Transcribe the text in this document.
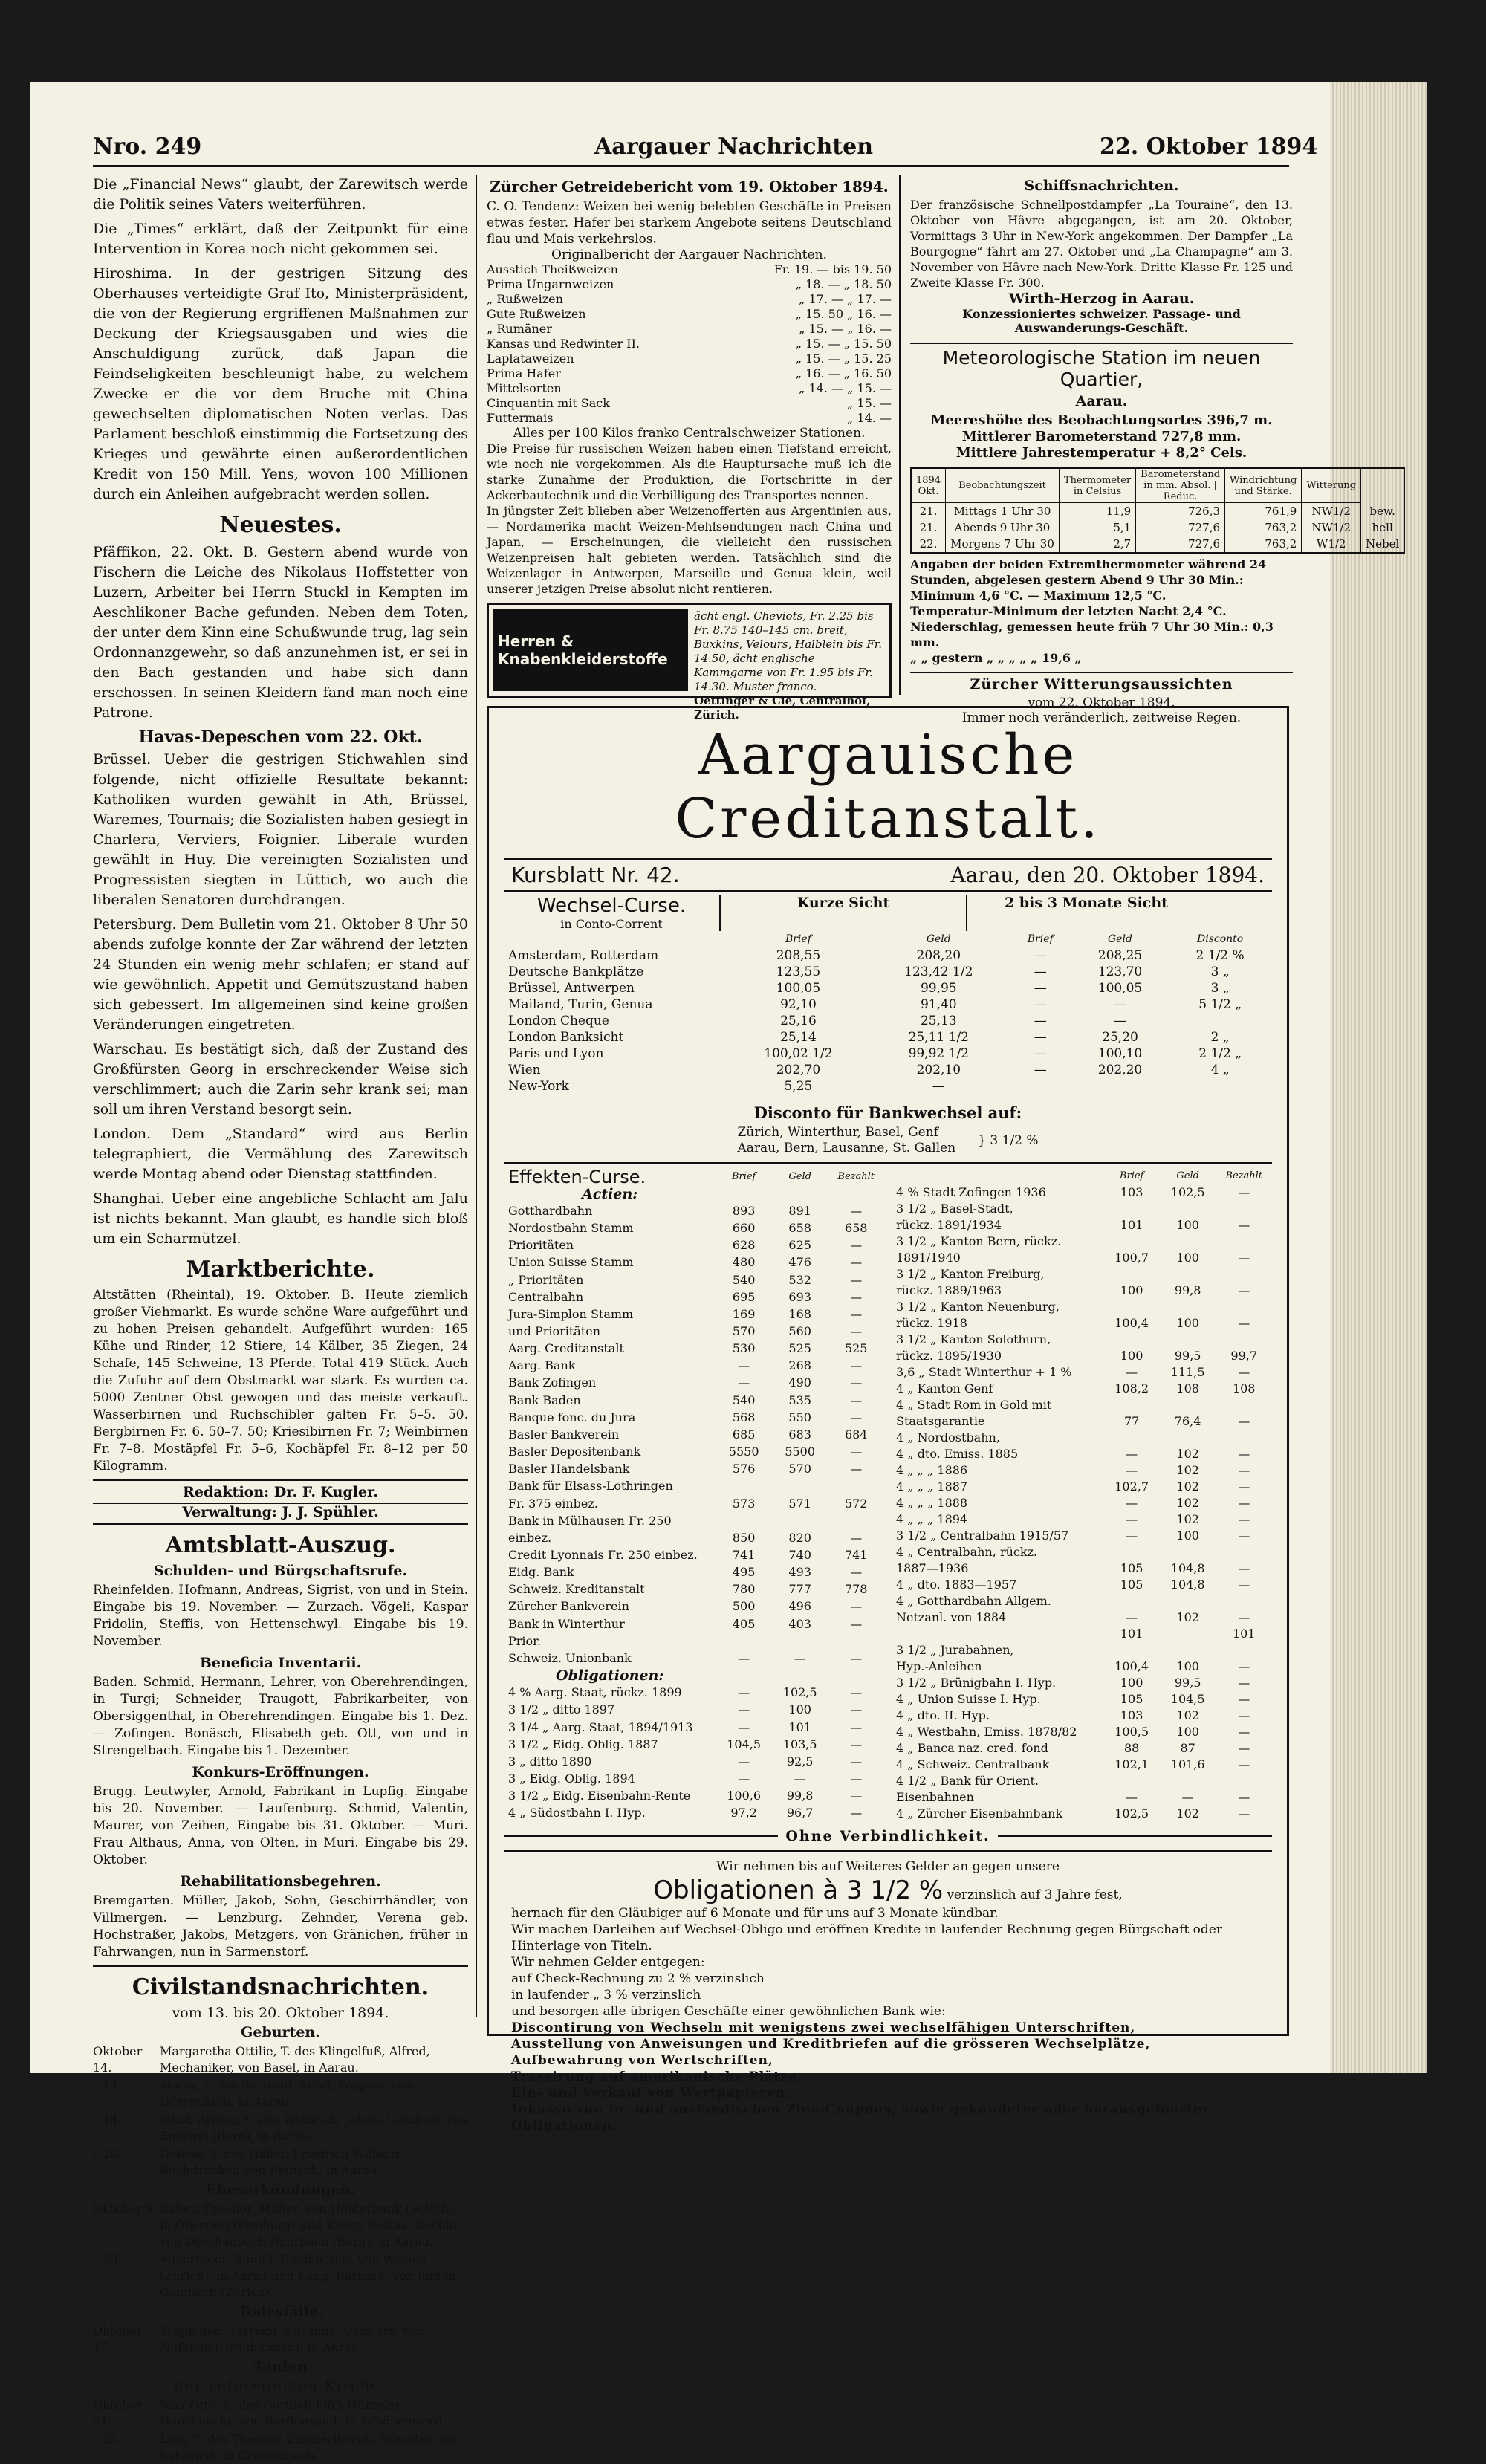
Nro. 249	Aargauer Nachrichten	22. Oktober 1894

Die „Financial News“ glaubt, der Zarewitsch werde die Politik seines Vaters weiterführen.

Die „Times“ erklärt, daß der Zeitpunkt für eine Intervention in Korea noch nicht gekommen sei.

Hiroshima. In der gestrigen Sitzung des Oberhauses verteidigte Graf Ito, Ministerpräsident, die von der Regierung ergriffenen Maßnahmen zur Deckung der Kriegsausgaben und wies die Anschuldigung zurück, daß Japan die Feindseligkeiten beschleunigt habe, zu welchem Zwecke er die vor dem Bruche mit China gewechselten diplomatischen Noten verlas. Das Parlament beschloß einstimmig die Fortsetzung des Krieges und gewährte einen außerordentlichen Kredit von 150 Mill. Yens, wovon 100 Millionen durch ein Anleihen aufgebracht werden sollen.

Neuestes.

Pfäffikon, 22. Okt. B. Gestern abend wurde von Fischern die Leiche des Nikolaus Hoffstetter von Luzern, Arbeiter bei Herrn Stuckl in Kempten im Aeschlikoner Bache gefunden. Neben dem Toten, der unter dem Kinn eine Schußwunde trug, lag sein Ordonnanzgewehr, so daß anzunehmen ist, er sei in den Bach gestanden und habe sich dann erschossen. In seinen Kleidern fand man noch eine Patrone.

Havas-Depeschen vom 22. Okt.

Brüssel. Ueber die gestrigen Stichwahlen sind folgende, nicht offizielle Resultate bekannt: Katholiken wurden gewählt in Ath, Brüssel, Waremes, Tournais; die Sozialisten haben gesiegt in Charlera, Verviers, Foignier. Liberale wurden gewählt in Huy. Die vereinigten Sozialisten und Progressisten siegten in Lüttich, wo auch die liberalen Senatoren durchdrangen.

Petersburg. Dem Bulletin vom 21. Oktober 8 Uhr 50 abends zufolge konnte der Zar während der letzten 24 Stunden ein wenig mehr schlafen; er stand auf wie gewöhnlich. Appetit und Gemütszustand haben sich gebessert. Im allgemeinen sind keine großen Veränderungen eingetreten.

Warschau. Es bestätigt sich, daß der Zustand des Großfürsten Georg in erschreckender Weise sich verschlimmert; auch die Zarin sehr krank sei; man soll um ihren Verstand besorgt sein.

London. Dem „Standard“ wird aus Berlin telegraphiert, die Vermählung des Zarewitsch werde Montag abend oder Dienstag stattfinden.

Shanghai. Ueber eine angebliche Schlacht am Jalu ist nichts bekannt. Man glaubt, es handle sich bloß um ein Scharmützel.

Marktberichte.

Altstätten (Rheintal), 19. Oktober. B. Heute ziemlich großer Viehmarkt. Es wurde schöne Ware aufgeführt und zu hohen Preisen gehandelt. Aufgeführt wurden: 165 Kühe und Rinder, 12 Stiere, 14 Kälber, 35 Ziegen, 24 Schafe, 145 Schweine, 13 Pferde. Total 419 Stück. Auch die Zufuhr auf dem Obstmarkt war stark. Es wurden ca. 5000 Zentner Obst gewogen und das meiste verkauft. Wasserbirnen und Ruchschibler galten Fr. 5–5. 50. Bergbirnen Fr. 6. 50–7. 50; Kriesibirnen Fr. 7; Weinbirnen Fr. 7–8. Mostäpfel Fr. 5–6, Kochäpfel Fr. 8–12 per 50 Kilogramm.

Redaktion: Dr. F. Kugler.
Verwaltung: J. J. Spühler.
Amtsblatt-Auszug.
Schulden- und Bürgschaftsrufe.

Rheinfelden. Hofmann, Andreas, Sigrist, von und in Stein. Eingabe bis 19. November. — Zurzach. Vögeli, Kaspar Fridolin, Steffis, von Hettenschwyl. Eingabe bis 19. November.

Beneficia Inventarii.

Baden. Schmid, Hermann, Lehrer, von Oberehrendingen, in Turgi; Schneider, Traugott, Fabrikarbeiter, von Obersiggenthal, in Oberehrendingen. Eingabe bis 1. Dez. — Zofingen. Bonäsch, Elisabeth geb. Ott, von und in Strengelbach. Eingabe bis 1. Dezember.

Konkurs-Eröffnungen.

Brugg. Leutwyler, Arnold, Fabrikant in Lupfig. Eingabe bis 20. November. — Laufenburg. Schmid, Valentin, Maurer, von Zeihen, Eingabe bis 31. Oktober. — Muri. Frau Althaus, Anna, von Olten, in Muri. Eingabe bis 29. Oktober.

Rehabilitationsbegehren.

Bremgarten. Müller, Jakob, Sohn, Geschirrhändler, von Villmergen. — Lenzburg. Zehnder, Verena geb. Hochstraßer, Jakobs, Metzgers, von Gränichen, früher in Fahrwangen, nun in Sarmenstorf.

Civilstandsnachrichten.
vom 13. bis 20. Oktober 1894.
Geburten.
Oktober 14.
Margaretha Ottilie, T. des Klingelfuß, Alfred, Mechaniker, von Basel, in Aarau.
„ 14.	Marie, T. des Bertschi, Adolf, Wagner, von Dürrenäsch, in Aarau.
„ 14.	Jakob Arthur, S. des Wäthrich, Jakob, Conditor, von Eggiwyl (Bern), in Aarau.
„ 20.	Helene, T. des Haller, Friedrich Wilhelm, Buchdrucker, von Reinach, in Aarau.
Eheverkündungen.
Oktober 9. Baber, Theodor, Müller, von Holderbank (Soloth.), in Oberried (Freiburg) und Käser, Rosina, Köchin, von Oeschenbach-Rohrbach (Bern), in Aarau.
„ 20.	Meierhofer, Rudolf, Conducteur, von Weiach (Zürich), in Aarau und Lang, Barbara, von und in Goldbach (Zürich).
Todesfälle.
Oktober 17.
Trepp geb. Torriani, Susanna, Cassiers, von Nufenen (Graubünden), in Aarau.
Taufen
der reformierten Kirche.
Oktober 21.
Max Otto, S. des Gottlieb Plüß-Hürzeler, Hausknecht, von Bordenwald, in Schönenwerd.
„ 21.	Lina, T. des Theodor Zimmerli-Wyß, Schuster, von Safenwyl, in Gretzenbach.
Zürcher Getreidebericht vom 19. Oktober 1894.

C. O. Tendenz: Weizen bei wenig belebten Geschäfte in Preisen etwas fester. Hafer bei starkem Angebote seitens Deutschland flau und Mais verkehrslos.

Originalbericht der Aargauer Nachrichten.
Ausstich Theißweizen	Fr. 19. — bis 19. 50
Prima Ungarnweizen	„ 18. — „ 18. 50
„ Rußweizen	„ 17. — „ 17. —
Gute Rußweizen	„ 15. 50 „ 16. —
„ Rumäner	„ 15. — „ 16. —
Kansas und Redwinter II.	„ 15. — „ 15. 50
Laplataweizen	„ 15. — „ 15. 25
Prima Hafer	„ 16. — „ 16. 50
Mittelsorten	„ 14. — „ 15. —
Cinquantin mit Sack	„ 15. —
Futtermais	„ 14. —
Alles per 100 Kilos franko Centralschweizer Stationen.

Die Preise für russischen Weizen haben einen Tiefstand erreicht, wie noch nie vorgekommen. Als die Hauptursache muß ich die starke Zunahme der Produktion, die Fortschritte in der Ackerbautechnik und die Verbilligung des Transportes nennen.

In jüngster Zeit blieben aber Weizenofferten aus Argentinien aus, — Nordamerika macht Weizen-Mehlsendungen nach China und Japan, — Erscheinungen, die vielleicht den russischen Weizenpreisen halt gebieten werden. Tatsächlich sind die Weizenlager in Antwerpen, Marseille und Genua klein, weil unserer jetzigen Preise absolut nicht rentieren.

Herren & Knabenkleiderstoffe
ächt engl. Cheviots, Fr. 2.25 bis Fr. 8.75 140–145 cm. breit, Buxkins, Velours, Halblein bis Fr. 14.50, ächt englische Kammgarne von Fr. 1.95 bis Fr. 14.30. Muster franco.
Oettinger & Cie, Centralhof, Zürich.
Schiffsnachrichten.

Der französische Schnellpostdampfer „La Touraine“, den 13. Oktober von Hâvre abgegangen, ist am 20. Oktober, Vormittags 3 Uhr in New-York angekommen. Der Dampfer „La Bourgogne“ fährt am 27. Oktober und „La Champagne“ am 3. November von Hâvre nach New-York. Dritte Klasse Fr. 125 und Zweite Klasse Fr. 300.

Wirth-Herzog in Aarau.
Konzessioniertes schweizer. Passage- und Auswanderungs-Geschäft.
Meteorologische Station im neuen Quartier,
Aarau.
Meereshöhe des Beobachtungsortes 396,7 m.
Mittlerer Barometerstand 727,8 mm.
Mittlere Jahrestemperatur + 8,2° Cels.
1894 Okt.	Beobachtungszeit	Thermometer in Celsius	Barometerstand in mm. Absol. | Reduc.	Windrichtung und Stärke.	Witterung	
21.	Mittags 1 Uhr 30	11,9	726,3	761,9	NW1/2	bew.
21.	Abends 9 Uhr 30	5,1	727,6	763,2	NW1/2	hell
22.	Morgens 7 Uhr 30	2,7	727,6	763,2	W1/2	Nebel
Angaben der beiden Extremthermometer während 24 Stunden, abgelesen gestern Abend 9 Uhr 30 Min.:
Minimum 4,6 °C. — Maximum 12,5 °C.
Temperatur-Minimum der letzten Nacht 2,4 °C.
Niederschlag, gemessen heute früh 7 Uhr 30 Min.: 0,3 mm.
„ „ gestern „ „ „ „ „ 19,6 „
Zürcher Witterungsaussichten
vom 22. Oktober 1894.
Immer noch veränderlich, zeitweise Regen.
Aargauische Creditanstalt.
Kursblatt Nr. 42.	Aarau, den 20. Oktober 1894.
Wechsel-Curse.
in Conto-Corrent
Kurze Sicht	2 bis 3 Monate Sicht
	Brief	Geld	Brief	Geld	Disconto
Amsterdam, Rotterdam	208,55	208,20	—	208,25	2 1/2 %
Deutsche Bankplätze	123,55	123,42 1/2	—	123,70	3 „
Brüssel, Antwerpen	100,05	99,95	—	100,05	3 „
Mailand, Turin, Genua	92,10	91,40	—	—	5 1/2 „
London Cheque	25,16	25,13	—	—	
London Banksicht	25,14	25,11 1/2	—	25,20	2 „
Paris und Lyon	100,02 1/2	99,92 1/2	—	100,10	2 1/2 „
Wien	202,70	202,10	—	202,20	4 „
New-York	5,25	—			
Disconto für Bankwechsel auf:
Zürich, Winterthur, Basel, Genf
Aarau, Bern, Lausanne, St. Gallen } 3 1/2 %
Effekten-Curse.	Brief	Geld	Bezahlt
Actien:			
Gotthardbahn	893	891	—
Nordostbahn Stamm	660	658	658
Prioritäten	628	625	—
Union Suisse Stamm	480	476	—
„ Prioritäten	540	532	—
Centralbahn	695	693	—
Jura-Simplon Stamm	169	168	—
und Prioritäten	570	560	—

Aarg. Creditanstalt	530	525	525
Aarg. Bank	—	268	—
Bank Zofingen	—	490	—
Bank Baden	540	535	—
Banque fonc. du Jura	568	550	—
Basler Bankverein	685	683	684
Basler Depositenbank	5550	5500	—
Basler Handelsbank	576	570	—
Bank für Elsass-Lothringen			
Fr. 375 einbez.	573	571	572
Bank in Mülhausen Fr. 250			
einbez.	850	820	—
Credit Lyonnais Fr. 250 einbez.	741	740	741

Eidg. Bank	495	493	—
Schweiz. Kreditanstalt	780	777	778
Zürcher Bankverein	500	496	—
Bank in Winterthur	405	403	—
Prior.			
Schweiz. Unionbank	—	—	—
Obligationen:			
4 % Aarg. Staat, rückz. 1899	—	102,5	—
3 1/2 „ ditto 1897	—	100	—
3 1/4 „ Aarg. Staat, 1894/1913	—	101	—
3 1/2 „ Eidg. Oblig. 1887	104,5	103,5	—
3 „ ditto 1890	—	92,5	—
3 „ Eidg. Oblig. 1894	—	—	—
3 1/2 „ Eidg. Eisenbahn-Rente	100,6	99,8	—
4 „ Südostbahn I. Hyp.	97,2	96,7	—
	Brief	Geld	Bezahlt

4 % Stadt Zofingen 1936	103	102,5	—
3 1/2 „ Basel-Stadt,			
rückz. 1891/1934	101	100	—
3 1/2 „ Kanton Bern, rückz.			
1891/1940	100,7	100	—
3 1/2 „ Kanton Freiburg,			
rückz. 1889/1963	100	99,8	—
3 1/2 „ Kanton Neuenburg,			
rückz. 1918	100,4	100	—
3 1/2 „ Kanton Solothurn,			
rückz. 1895/1930	100	99,5	99,7
3,6 „ Stadt Winterthur + 1 %	—	111,5	—
4 „ Kanton Genf	108,2	108	108
4 „ Stadt Rom in Gold mit			
Staatsgarantie	77	76,4	—
4 „ Nordostbahn,			
4 „ dto. Emiss. 1885	—	102	—
4 „ „ „ 1886	—	102	—
4 „ „ „ 1887	102,7	102	—
4 „ „ „ 1888	—	102	—
4 „ „ „ 1894	—	102	—
3 1/2 „ Centralbahn 1915/57	—	100	—
4 „ Centralbahn, rückz.			
1887—1936	105	104,8	—
4 „ dto. 1883—1957	105	104,8	—
4 „ Gotthardbahn Allgem.			
Netzanl. von 1884	—	102	—
	101		101
3 1/2 „ Jurabahnen,			
Hyp.-Anleihen	100,4	100	—
3 1/2 „ Brünigbahn I. Hyp.	100	99,5	—
4 „ Union Suisse I. Hyp.	105	104,5	—
4 „ dto. II. Hyp.	103	102	—
4 „ Westbahn, Emiss. 1878/82	100,5	100	—
4 „ Banca naz. cred. fond	88	87	—
4 „ Schweiz. Centralbank	102,1	101,6	—
4 1/2 „ Bank für Orient.			
Eisenbahnen	—	—	—
4 „ Zürcher Eisenbahnbank	102,5	102	—
Ohne Verbindlichkeit.
Wir nehmen bis auf Weiteres Gelder an gegen unsere
Obligationen à 3 1/2 % verzinslich auf 3 Jahre fest,
hernach für den Gläubiger auf 6 Monate und für uns auf 3 Monate kündbar.
Wir machen Darleihen auf Wechsel-Obligo und eröffnen Kredite in laufender Rechnung gegen Bürgschaft oder Hinterlage von Titeln.
Wir nehmen Gelder entgegen:
auf Check-Rechnung zu 2 % verzinslich
in laufender „ 3 % verzinslich
und besorgen alle übrigen Geschäfte einer gewöhnlichen Bank wie:
Discontirung von Wechseln mit wenigstens zwei wechselfähigen Unterschriften,
Ausstellung von Anweisungen und Kreditbriefen auf die grösseren Wechselplätze,
Aufbewahrung von Wertschriften,
Trassirung auf amerikanische Plätze,
Ein- und Verkauf von Wertpapieren,
Inkasso von in- und ausländischen Zins-Coupons, sowie gekündeter oder herausgelooster Obligationen.
